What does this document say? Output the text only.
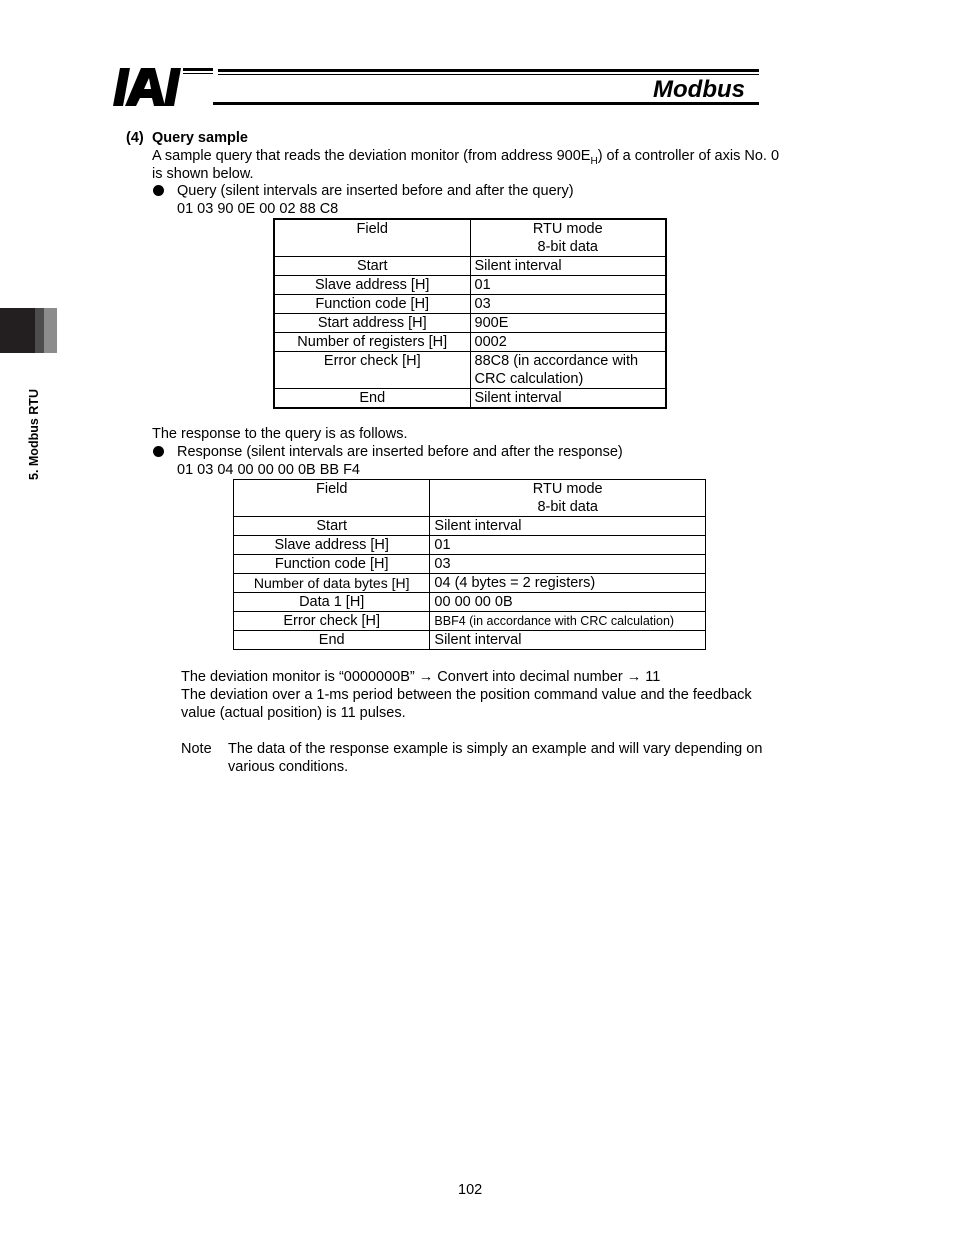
Modbus
5. Modbus RTU
(4) Query sample
A sample query that reads the deviation monitor (from address $900E_H$) of a controller of axis No. 0
is shown below.
Query (silent intervals are inserted before and after the query)
01 03 90 0E 00 02 88 C8
Field	RTU mode
8-bit data
Start	Silent interval
Slave address [H]	01
Function code [H]	03
Start address [H]	900E
Number of registers [H]	0002
Error check [H]	88C8 (in accordance with
CRC calculation)
End	Silent interval
The response to the query is as follows.
Response (silent intervals are inserted before and after the response)
01 03 04 00 00 00 0B BB F4
Field	RTU mode
8-bit data
Start	Silent interval
Slave address [H]	01
Function code [H]	03
Number of data bytes [H]	04 (4 bytes = 2 registers)
Data 1 [H]	00 00 00 0B
Error check [H]	BBF4 (in accordance with CRC calculation)
End	Silent interval
The deviation monitor is “0000000B” → Convert into decimal number → 11
The deviation over a 1-ms period between the position command value and the feedback
value (actual position) is 11 pulses.
Note The data of the response example is simply an example and will vary depending on
various conditions.
102
